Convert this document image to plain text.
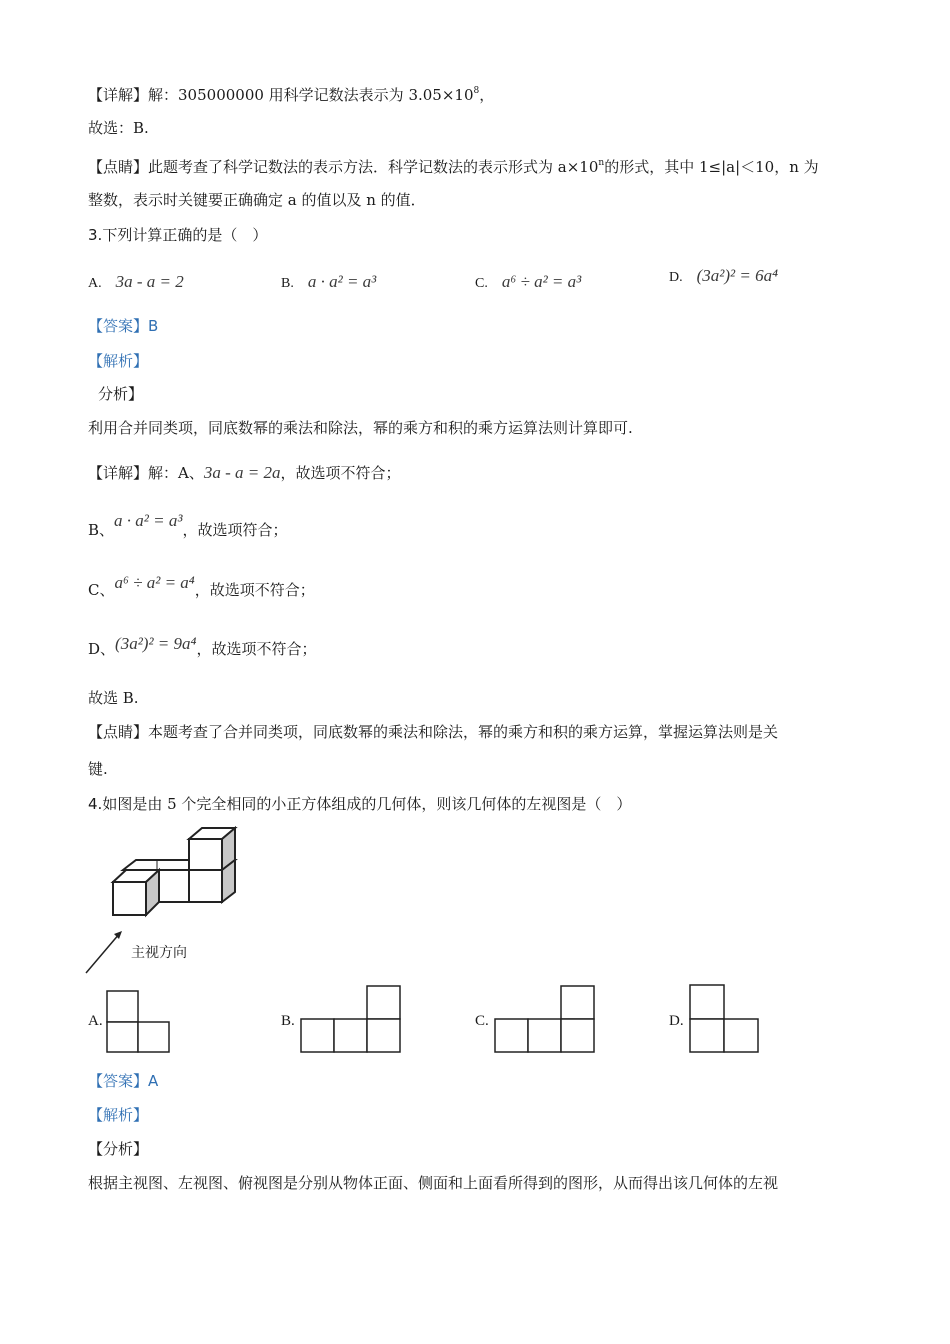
【详解】解：305000000 用科学记数法表示为 $3.05\times 10^8$，
故选：B.
【点睛】此题考查了科学记数法的表示方法．科学记数法的表示形式为 $a\times 10^n$的形式，其中 1≤|a|＜10，n 为
整数，表示时关键要正确确定 a 的值以及 n 的值．
3.下列计算正确的是（　）
A. 3a - a = 2	B. a · a² = a³	C. a⁶ ÷ a² = a³	D. (3a²)² = 6a⁴
【答案】B
【解析】
分析】
利用合并同类项，同底数幂的乘法和除法，幂的乘方和积的乘方运算法则计算即可.
【详解】解：A、3a - a = 2a，故选项不符合；
B、a · a² = a³，故选项符合；
C、a⁶ ÷ a² = a⁴，故选项不符合；
D、(3a²)² = 9a⁴，故选项不符合；
故选 B.
【点睛】本题考查了合并同类项，同底数幂的乘法和除法，幂的乘方和积的乘方运算，掌握运算法则是关
键.
4.如图是由 5 个完全相同的小正方体组成的几何体，则该几何体的左视图是（　）
主视方向
A.	B.	C.	D.
【答案】A
【解析】
【分析】
根据主视图、左视图、俯视图是分别从物体正面、侧面和上面看所得到的图形，从而得出该几何体的左视
